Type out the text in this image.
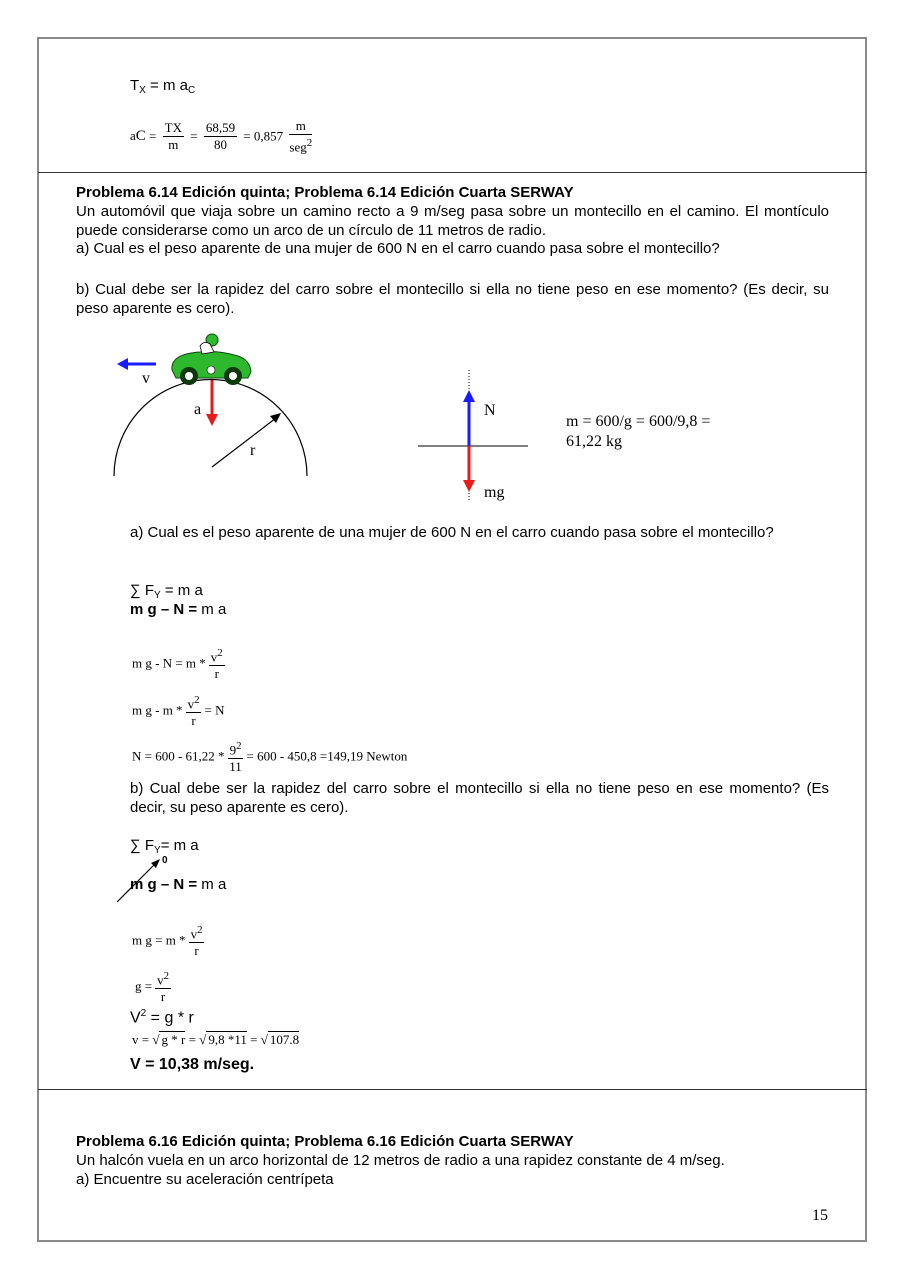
$T_X = m$ $a_C$
aC = $\frac{TX}{m} = \frac{68,59}{80} = 0,857 \frac{m}{seg^2}$
Problema 6.14 Edición quinta; Problema 6.14 Edición Cuarta SERWAY
Un automóvil que viaja sobre un camino recto a 9 m/seg pasa sobre un montecillo en el camino. El montículo puede considerarse como un arco de un círculo de 11 metros de radio.
a) Cual es el peso aparente de una mujer de 600 N en el carro cuando pasa sobre el montecillo?
b) Cual debe ser la rapidez del carro sobre el montecillo si ella no tiene peso en ese momento? (Es decir, su peso aparente es cero).
v
a
r
N
mg
m = 600/g = 600/9,8 =
61,22 kg
a) Cual es el peso aparente de una mujer de 600 N en el carro cuando pasa sobre el montecillo?
∑ $F_Y = m$ a
m g – N = m a
m $g - N = m * \frac{v^2}{r}$
m $g - m * \frac{v^2}{r} = N$
$N = 600 - 61,22 * \frac{9^2}{11} = 600 - 450,8 =149,19$ Newton
b) Cual debe ser la rapidez del carro sobre el montecillo si ella no tiene peso en ese momento? (Es decir, su peso aparente es cero).
∑ $F_Y= m$ a
0
m g – N = m a
m $g = m * \frac{v^2}{r}$
$g = \frac{v^2}{r}$
$V^2 = g * r$
v = √ g * r = √ 9,8 *11 = √ 107.8
V = 10,38 m/seg.
Problema 6.16 Edición quinta; Problema 6.16 Edición Cuarta SERWAY
Un halcón vuela en un arco horizontal de 12 metros de radio a una rapidez constante de 4 m/seg.
a) Encuentre su aceleración centrípeta
15
